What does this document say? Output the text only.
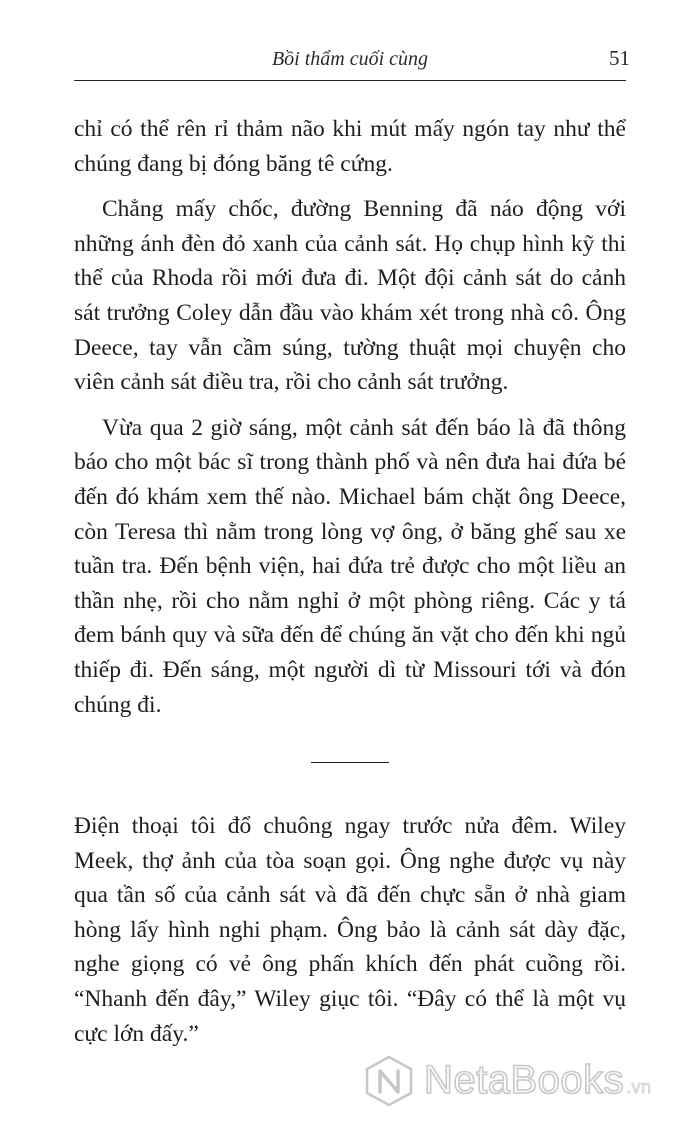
Bồi thẩm cuối cùng	51

chỉ có thể rên rỉ thảm não khi mút mấy ngón tay như thể chúng đang bị đóng băng tê cứng.

Chẳng mấy chốc, đường Benning đã náo động với những ánh đèn đỏ xanh của cảnh sát. Họ chụp hình kỹ thi thể của Rhoda rồi mới đưa đi. Một đội cảnh sát do cảnh sát trưởng Coley dẫn đầu vào khám xét trong nhà cô. Ông Deece, tay vẫn cầm súng, tường thuật mọi chuyện cho viên cảnh sát điều tra, rồi cho cảnh sát trưởng.

Vừa qua 2 giờ sáng, một cảnh sát đến báo là đã thông báo cho một bác sĩ trong thành phố và nên đưa hai đứa bé đến đó khám xem thế nào. Michael bám chặt ông Deece, còn Teresa thì nằm trong lòng vợ ông, ở băng ghế sau xe tuần tra. Đến bệnh viện, hai đứa trẻ được cho một liều an thần nhẹ, rồi cho nằm nghỉ ở một phòng riêng. Các y tá đem bánh quy và sữa đến để chúng ăn vặt cho đến khi ngủ thiếp đi. Đến sáng, một người dì từ Missouri tới và đón chúng đi.

Điện thoại tôi đổ chuông ngay trước nửa đêm. Wiley Meek, thợ ảnh của tòa soạn gọi. Ông nghe được vụ này qua tần số của cảnh sát và đã đến chực sẵn ở nhà giam hòng lấy hình nghi phạm. Ông bảo là cảnh sát dày đặc, nghe giọng có vẻ ông phấn khích đến phát cuồng rồi. “Nhanh đến đây,” Wiley giục tôi. “Đây có thể là một vụ cực lớn đấy.”

NetaBooks .vn
